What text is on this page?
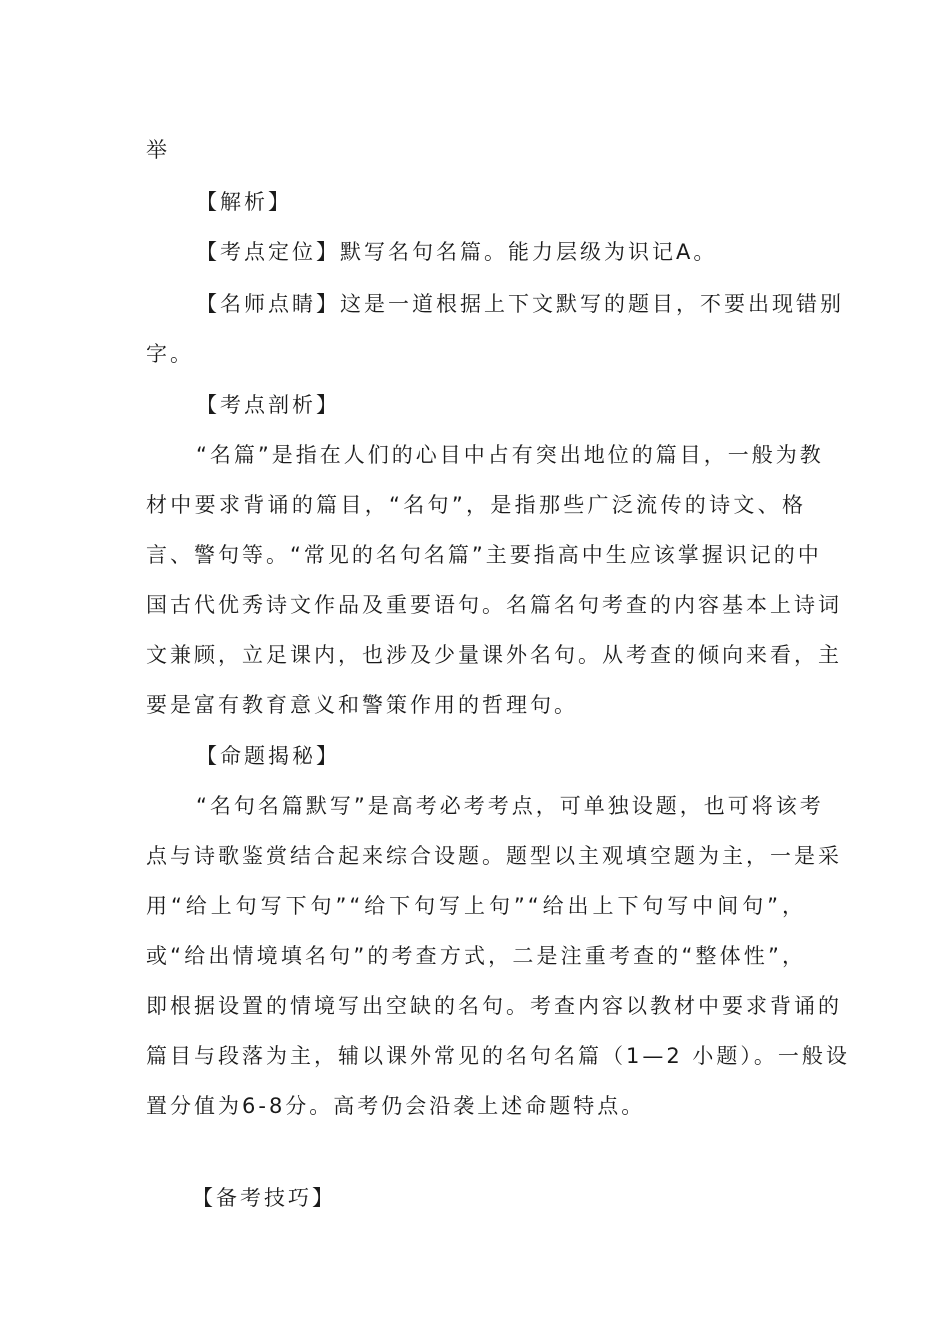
举
【解析】
【考点定位】默写名句名篇。能力层级为识记A。
【名师点睛】这是一道根据上下文默写的题目，不要出现错别
字。
【考点剖析】
“名篇”是指在人们的心目中占有突出地位的篇目，一般为教
材中要求背诵的篇目，“名句”，是指那些广泛流传的诗文、格
言、警句等。“常见的名句名篇”主要指高中生应该掌握识记的中
国古代优秀诗文作品及重要语句。名篇名句考查的内容基本上诗词
文兼顾，立足课内，也涉及少量课外名句。从考查的倾向来看，主
要是富有教育意义和警策作用的哲理句。
【命题揭秘】
“名句名篇默写”是高考必考考点，可单独设题，也可将该考
点与诗歌鉴赏结合起来综合设题。题型以主观填空题为主，一是采
用“给上句写下句”“给下句写上句”“给出上下句写中间句”，
或“给出情境填名句”的考查方式，二是注重考查的“整体性”，
即根据设置的情境写出空缺的名句。考查内容以教材中要求背诵的
篇目与段落为主，辅以课外常见的名句名篇（1—2 小题）。一般设
置分值为6-8分。高考仍会沿袭上述命题特点。
【备考技巧】
